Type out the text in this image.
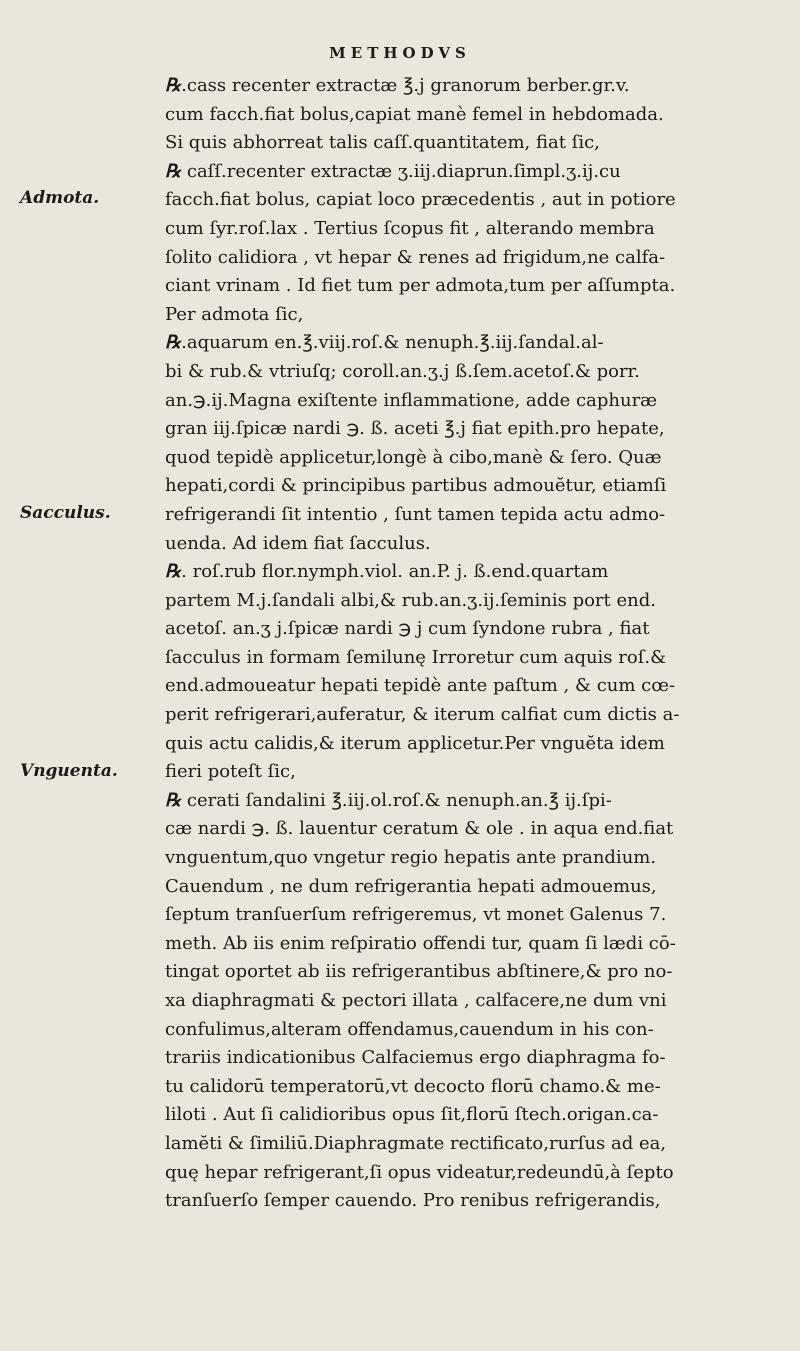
METHODVS
Admota.
Sacculus.
Vnguenta.
℞.cass recenter extractæ ℥.j granorum berber.gr.v.
cum facch.fiat bolus,capiat manè femel in hebdomada.
Si quis abhorreat talis caſſ.quantitatem, fiat ſic,
℞ caſſ.recenter extractæ ʒ.iij.diaprun.ſimpl.ʒ.ij.cu
facch.fiat bolus, capiat loco præcedentis , aut in potiore
cum ſyr.roſ.lax . Tertius ſcopus fit , alterando membra
ſolito calidiora , vt hepar & renes ad frigidum,ne calfa-
ciant vrinam . Id fiet tum per admota,tum per aſſumpta.
Per admota ſic,
℞.aquarum en.℥.viij.roſ.& nenuph.℥.iij.ſandal.al-
bi & rub.& vtriuſq; coroll.an.ʒ.j ß.ſem.acetoſ.& porr.
an.℈.ij.Magna exiſtente inflammatione, adde caphuræ
gran iij.ſpicæ nardi ℈. ß. aceti ℥.j fiat epith.pro hepate,
quod tepidè applicetur,longè à cibo,manè & ſero. Quæ
hepati,cordi & principibus partibus admouĕtur, etiamſi
refrigerandi ſit intentio , ſunt tamen tepida actu admo-
uenda. Ad idem fiat ſacculus.
℞. roſ.rub flor.nymph.viol. an.P. j. ß.end.quartam
partem M.j.ſandali albi,& rub.an.ʒ.ij.ſeminis port end.
acetoſ. an.ʒ j.ſpicæ nardi ℈ j cum ſyndone rubra , fiat
ſacculus in formam ſemilunę Irroretur cum aquis roſ.&
end.admoueatur hepati tepidè ante paſtum , & cum cœ-
perit refrigerari,auferatur, & iterum calfiat cum dictis a-
quis actu calidis,& iterum applicetur.Per vnguĕta idem
fieri poteſt ſic,
℞ cerati ſandalini ℥.iij.ol.roſ.& nenuph.an.℥ ij.ſpi-
cæ nardi ℈. ß. lauentur ceratum & ole . in aqua end.fiat
vnguentum,quo vngetur regio hepatis ante prandium.
Cauendum , ne dum refrigerantia hepati admouemus,
ſeptum tranſuerſum refrigeremus, vt monet Galenus 7.
meth. Ab iis enim reſpiratio offendi tur, quam ſi lædi cō-
tingat oportet ab iis refrigerantibus abſtinere,& pro no-
xa diaphragmati & pectori illata , calfacere,ne dum vni
confulimus,alteram offendamus,cauendum in his con-
trariis indicationibus Calfaciemus ergo diaphragma fo-
tu calidorū temperatorū,vt decocto florū chamo.& me-
liloti . Aut ſi calidioribus opus ſit,florū ſtech.origan.ca-
lamĕti & ſimiliū.Diaphragmate rectificato,rurſus ad ea,
quę hepar refrigerant,ſi opus videatur,redeundū,à ſepto
tranſuerſo ſemper cauendo. Pro renibus refrigerandis,
